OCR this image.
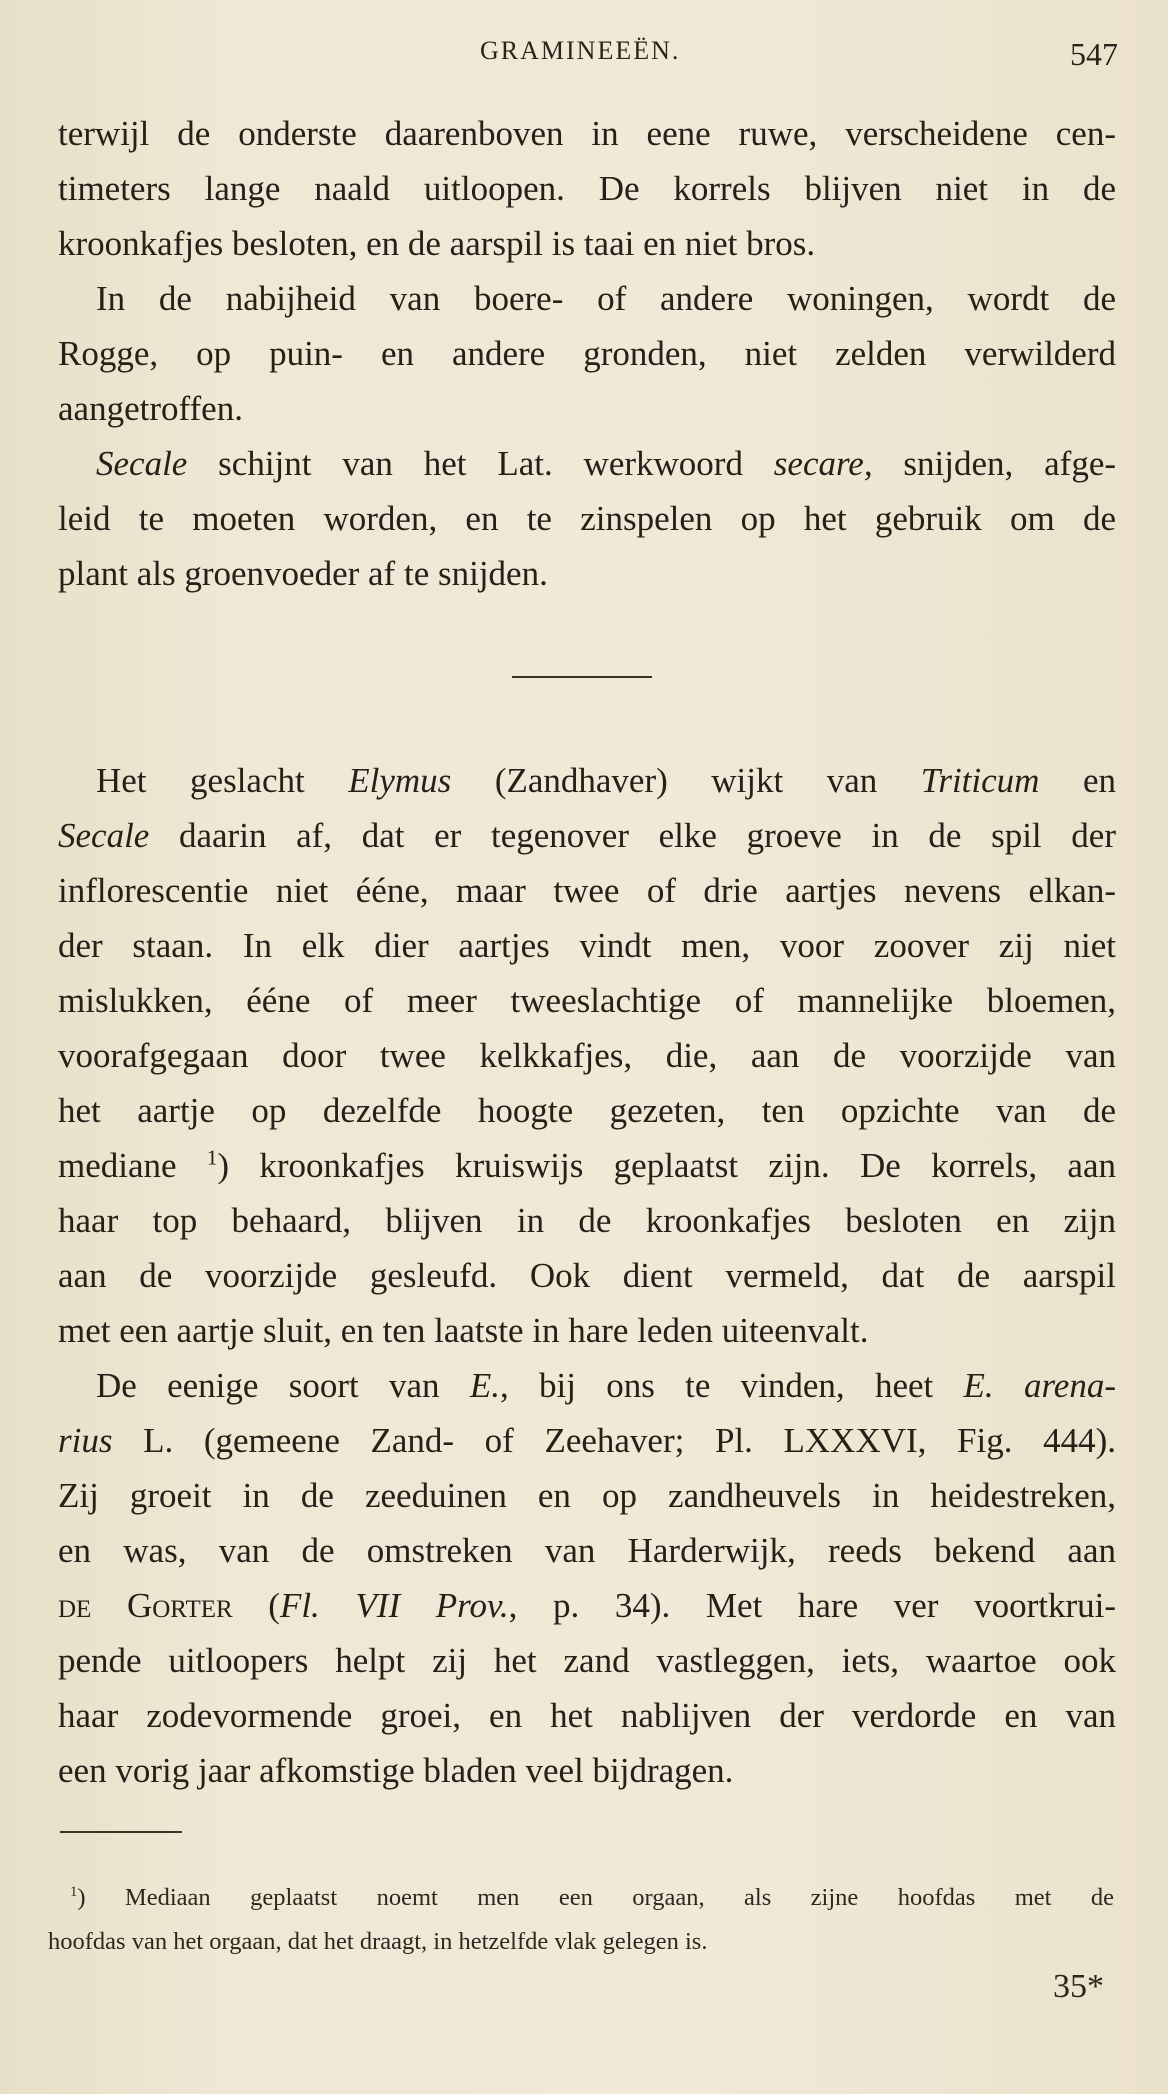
GRAMINEEËN.	547
terwijl de onderste daarenboven in eene ruwe, verscheidene cen-
timeters lange naald uitloopen. De korrels blijven niet in de
kroonkafjes besloten, en de aarspil is taai en niet bros.
In de nabijheid van boere- of andere woningen, wordt de
Rogge, op puin- en andere gronden, niet zelden verwilderd
aangetroffen.
Secale schijnt van het Lat. werkwoord secare, snijden, afge-
leid te moeten worden, en te zinspelen op het gebruik om de
plant als groenvoeder af te snijden.
Het geslacht Elymus (Zandhaver) wijkt van Triticum en
Secale daarin af, dat er tegenover elke groeve in de spil der
inflorescentie niet ééne, maar twee of drie aartjes nevens elkan-
der staan. In elk dier aartjes vindt men, voor zoover zij niet
mislukken, ééne of meer tweeslachtige of mannelijke bloemen,
voorafgegaan door twee kelkkafjes, die, aan de voorzijde van
het aartje op dezelfde hoogte gezeten, ten opzichte van de
mediane $^1$) kroonkafjes kruiswijs geplaatst zijn. De korrels, aan
haar top behaard, blijven in de kroonkafjes besloten en zijn
aan de voorzijde gesleufd. Ook dient vermeld, dat de aarspil
met een aartje sluit, en ten laatste in hare leden uiteenvalt.
De eenige soort van E., bij ons te vinden, heet E. arena-
rius L. (gemeene Zand- of Zeehaver; Pl. LXXXVI, Fig. 444).
Zij groeit in de zeeduinen en op zandheuvels in heidestreken,
en was, van de omstreken van Harderwijk, reeds bekend aan
de Gorter (Fl. VII Prov., p. 34). Met hare ver voortkrui-
pende uitloopers helpt zij het zand vastleggen, iets, waartoe ook
haar zodevormende groei, en het nablijven der verdorde en van
een vorig jaar afkomstige bladen veel bijdragen.
$^1$) Mediaan geplaatst noemt men een orgaan, als zijne hoofdas met de
hoofdas van het orgaan, dat het draagt, in hetzelfde vlak gelegen is.
35*
